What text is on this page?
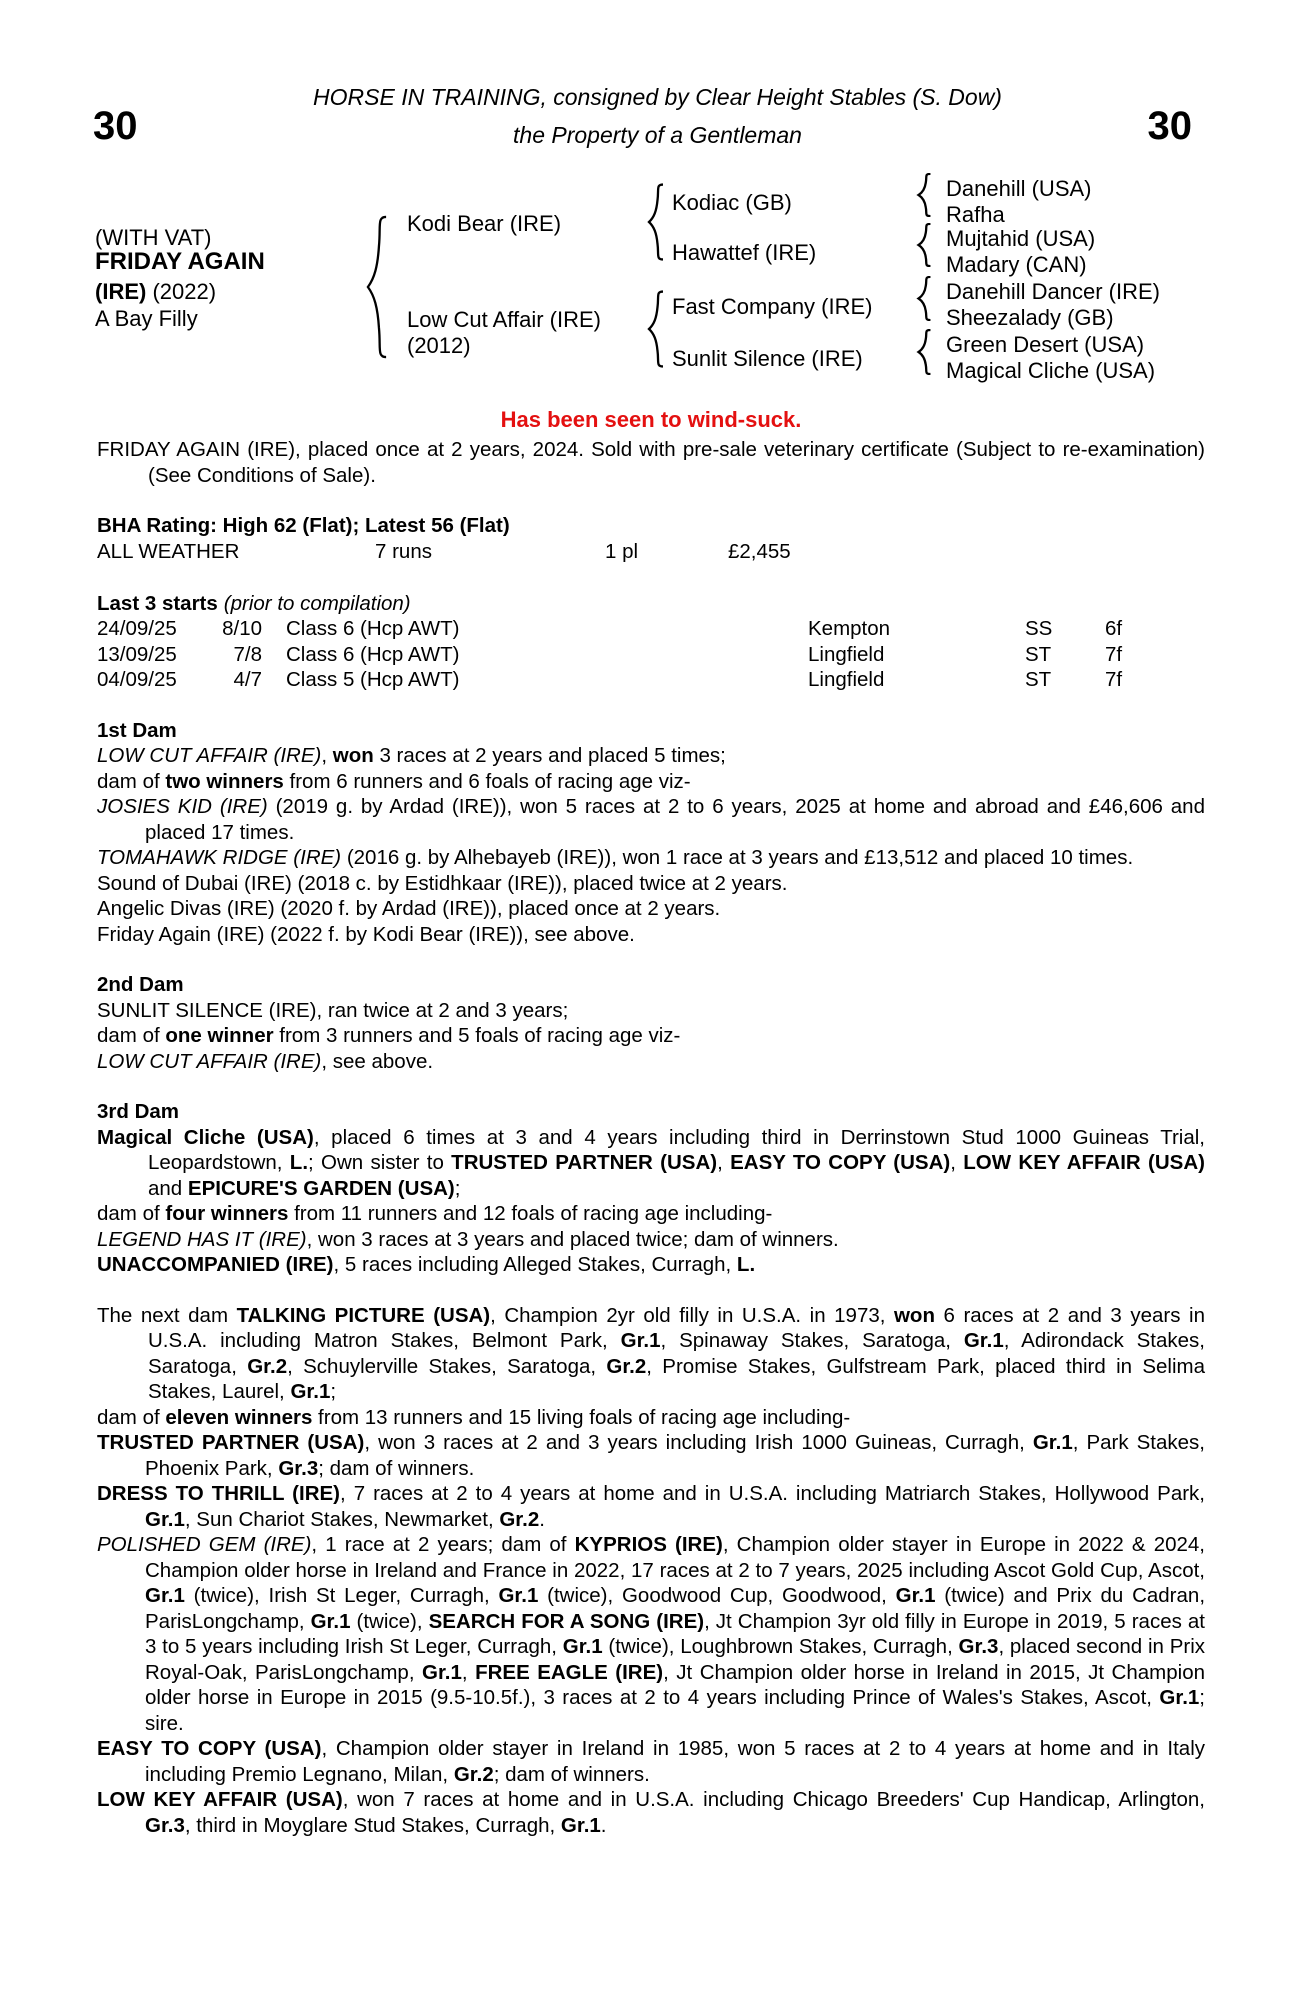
HORSE IN TRAINING, consigned by Clear Height Stables (S. Dow)
30	the Property of a Gentleman	30
(WITH VAT)
FRIDAY AGAIN
(IRE) (2022)
A Bay Filly
Kodi Bear (IRE)
Low Cut Affair (IRE)
(2012)
Kodiac (GB)
Hawattef (IRE)
Fast Company (IRE)
Sunlit Silence (IRE)
Danehill (USA)
Rafha
Mujtahid (USA)
Madary (CAN)
Danehill Dancer (IRE)
Sheezalady (GB)
Green Desert (USA)
Magical Cliche (USA)
Has been seen to wind-suck.

FRIDAY AGAIN (IRE), placed once at 2 years, 2024. Sold with pre-sale veterinary certificate (Subject to re-examination) (See Conditions of Sale).

BHA Rating: High 62 (Flat); Latest 56 (Flat)

ALL WEATHER	7 runs	1 pl	£2,455

Last 3 starts (prior to compilation)

24/09/25	8/10 Class 6 (Hcp AWT)	Kempton	SS	6f
13/09/25	7/8 Class 6 (Hcp AWT)	Lingfield	ST	7f
04/09/25	4/7 Class 5 (Hcp AWT)	Lingfield	ST	7f

1st Dam

LOW CUT AFFAIR (IRE), won 3 races at 2 years and placed 5 times;

dam of two winners from 6 runners and 6 foals of racing age viz-

JOSIES KID (IRE) (2019 g. by Ardad (IRE)), won 5 races at 2 to 6 years, 2025 at home and abroad and £46,606 and placed 17 times.

TOMAHAWK RIDGE (IRE) (2016 g. by Alhebayeb (IRE)), won 1 race at 3 years and £13,512 and placed 10 times.

Sound of Dubai (IRE) (2018 c. by Estidhkaar (IRE)), placed twice at 2 years.

Angelic Divas (IRE) (2020 f. by Ardad (IRE)), placed once at 2 years.

Friday Again (IRE) (2022 f. by Kodi Bear (IRE)), see above.

2nd Dam

SUNLIT SILENCE (IRE), ran twice at 2 and 3 years;

dam of one winner from 3 runners and 5 foals of racing age viz-

LOW CUT AFFAIR (IRE), see above.

3rd Dam

Magical Cliche (USA), placed 6 times at 3 and 4 years including third in Derrinstown Stud 1000 Guineas Trial, Leopardstown, L.; Own sister to TRUSTED PARTNER (USA), EASY TO COPY (USA), LOW KEY AFFAIR (USA) and EPICURE'S GARDEN (USA);

dam of four winners from 11 runners and 12 foals of racing age including-

LEGEND HAS IT (IRE), won 3 races at 3 years and placed twice; dam of winners.

UNACCOMPANIED (IRE), 5 races including Alleged Stakes, Curragh, L.

The next dam TALKING PICTURE (USA), Champion 2yr old filly in U.S.A. in 1973, won 6 races at 2 and 3 years in U.S.A. including Matron Stakes, Belmont Park, Gr.1, Spinaway Stakes, Saratoga, Gr.1, Adirondack Stakes, Saratoga, Gr.2, Schuylerville Stakes, Saratoga, Gr.2, Promise Stakes, Gulfstream Park, placed third in Selima Stakes, Laurel, Gr.1;

dam of eleven winners from 13 runners and 15 living foals of racing age including-

TRUSTED PARTNER (USA), won 3 races at 2 and 3 years including Irish 1000 Guineas, Curragh, Gr.1, Park Stakes, Phoenix Park, Gr.3; dam of winners.

DRESS TO THRILL (IRE), 7 races at 2 to 4 years at home and in U.S.A. including Matriarch Stakes, Hollywood Park, Gr.1, Sun Chariot Stakes, Newmarket, Gr.2.

POLISHED GEM (IRE), 1 race at 2 years; dam of KYPRIOS (IRE), Champion older stayer in Europe in 2022 & 2024, Champion older horse in Ireland and France in 2022, 17 races at 2 to 7 years, 2025 including Ascot Gold Cup, Ascot, Gr.1 (twice), Irish St Leger, Curragh, Gr.1 (twice), Goodwood Cup, Goodwood, Gr.1 (twice) and Prix du Cadran, ParisLongchamp, Gr.1 (twice), SEARCH FOR A SONG (IRE), Jt Champion 3yr old filly in Europe in 2019, 5 races at 3 to 5 years including Irish St Leger, Curragh, Gr.1 (twice), Loughbrown Stakes, Curragh, Gr.3, placed second in Prix Royal-Oak, ParisLongchamp, Gr.1, FREE EAGLE (IRE), Jt Champion older horse in Ireland in 2015, Jt Champion older horse in Europe in 2015 (9.5-10.5f.), 3 races at 2 to 4 years including Prince of Wales's Stakes, Ascot, Gr.1; sire.

EASY TO COPY (USA), Champion older stayer in Ireland in 1985, won 5 races at 2 to 4 years at home and in Italy including Premio Legnano, Milan, Gr.2; dam of winners.

LOW KEY AFFAIR (USA), won 7 races at home and in U.S.A. including Chicago Breeders' Cup Handicap, Arlington, Gr.3, third in Moyglare Stud Stakes, Curragh, Gr.1.
